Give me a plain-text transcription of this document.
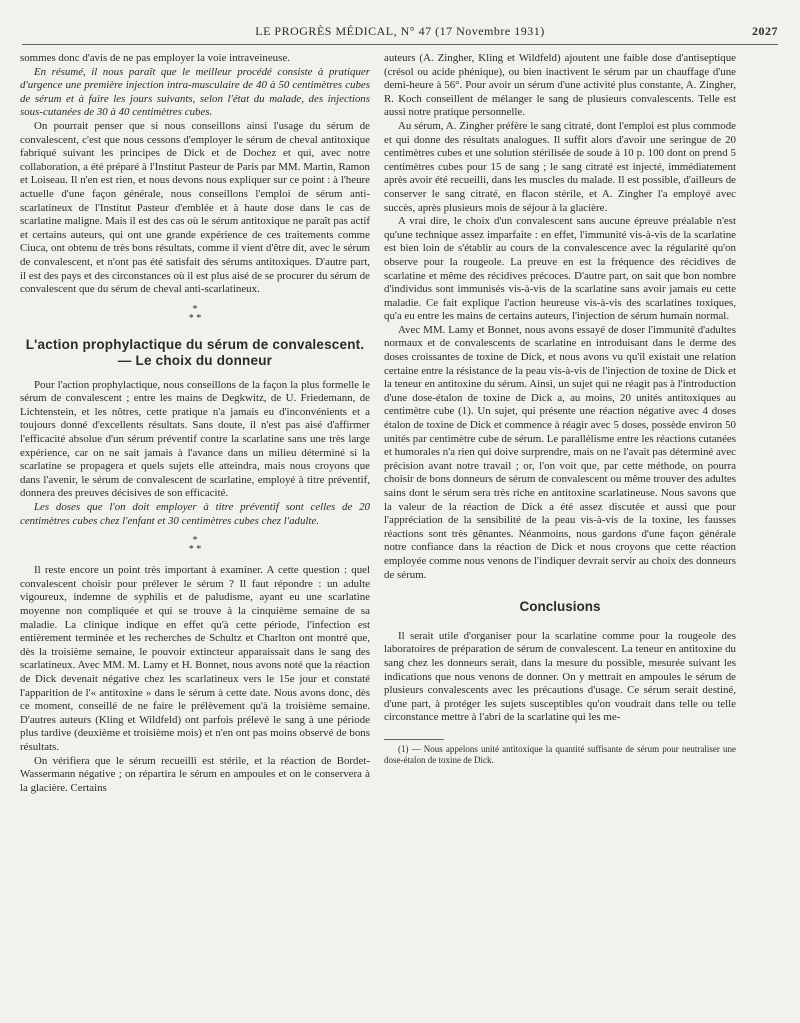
LE PROGRÈS MÉDICAL, N° 47 (17 Novembre 1931)	2027

sommes donc d'avis de ne pas employer la voie intraveineuse.

En résumé, il nous paraît que le meilleur procédé consiste à pratiquer d'urgence une première injection intra-musculaire de 40 à 50 centimètres cubes de sérum et à faire les jours suivants, selon l'état du malade, des injections sous-cutanées de 30 à 40 centimètres cubes.

On pourrait penser que si nous conseillons ainsi l'usage du sérum de convalescent, c'est que nous cessons d'employer le sérum de cheval antitoxique fabriqué suivant les principes de Dick et de Dochez et qui, avec notre collaboration, a été préparé à l'Institut Pasteur de Paris par MM. Martin, Ramon et Loiseau. Il n'en est rien, et nous devons nous expliquer sur ce point : à l'heure actuelle d'une façon générale, nous conseillons l'emploi de sérum anti-scarlatineux de l'Institut Pasteur d'emblée et à haute dose dans le cas de scarlatine maligne. Mais il est des cas où le sérum antitoxique ne paraît pas actif et certains auteurs, qui ont une grande expérience de ces traitements comme Ciuca, ont obtenu de très bons résultats, comme il vient d'être dit, avec le sérum de convalescent, et n'ont pas été satisfait des sérums antitoxiques. D'autre part, il est des pays et des circonstances où il est plus aisé de se procurer du sérum de convalescent que du sérum de cheval anti-scarlatineux.

*
* *
L'action prophylactique du sérum de convalescent. — Le choix du donneur

Pour l'action prophylactique, nous conseillons de la façon la plus formelle le sérum de convalescent ; entre les mains de Degkwitz, de U. Friedemann, de Lichtenstein, et les nôtres, cette pratique n'a jamais eu d'inconvénients et a toujours donné d'excellents résultats. Sans doute, il n'est pas aisé d'affirmer l'efficacité absolue d'un sérum préventif contre la scarlatine sans une très large expérience, car on ne sait jamais à l'avance dans un milieu déterminé si la scarlatine se propagera et quels sujets elle atteindra, mais nous croyons que dans l'avenir, le sérum de convalescent de scarlatine, employé à titre préventif, donnera des preuves décisives de son efficacité.

Les doses que l'on doit employer à titre préventif sont celles de 20 centimètres cubes chez l'enfant et 30 centimètres cubes chez l'adulte.

*
* *

Il reste encore un point très important à examiner. A cette question : quel convalescent choisir pour prélever le sérum ? Il faut répondre : un adulte vigoureux, indemne de syphilis et de paludisme, ayant eu une scarlatine moyenne non compliquée et qui se trouve à la cinquième semaine de sa maladie. La clinique indique en effet qu'à cette période, l'infection est entièrement terminée et les recherches de Schultz et Charlton ont montré que, dès la troisième semaine, le pouvoir extincteur apparaissait dans le sang des scarlatineux. Avec MM. M. Lamy et H. Bonnet, nous avons noté que la réaction de Dick devenait négative chez les scarlatineux vers le 15e jour et constaté l'apparition de l'« antitoxine » dans le sérum à cette date. Nous avons donc, dès ce moment, conseillé de ne faire le prélèvement qu'à la troisième semaine. D'autres auteurs (Kling et Wildfeld) ont parfois prélevé le sang à une période plus tardive (deuxième et troisième mois) et n'en ont pas moins observé de bons résultats.

On vérifiera que le sérum recueilli est stérile, et la réaction de Bordet-Wassermann négative ; on répartira le sérum en ampoules et on le conservera à la glacière. Certains

auteurs (A. Zingher, Kling et Wildfeld) ajoutent une faible dose d'antiseptique (crésol ou acide phénique), ou bien inactivent le sérum par un chauffage d'une demi-heure à 56°. Pour avoir un sérum d'une activité plus constante, A. Zingher, R. Koch conseillent de mélanger le sang de plusieurs convalescents. Telle est aussi notre pratique personnelle.

Au sérum, A. Zingher préfère le sang citraté, dont l'emploi est plus commode et qui donne des résultats analogues. Il suffit alors d'avoir une seringue de 20 centimètres cubes et une solution stérilisée de soude à 10 p. 100 dont on prend 5 centimètres cubes pour 15 de sang ; le sang citraté est injecté, immédiatement après avoir été recueilli, dans les muscles du malade. Il est possible, d'ailleurs de conserver le sang citraté, en flacon stérile, et A. Zingher l'a employé avec succès, après plusieurs mois de séjour à la glacière.

A vrai dire, le choix d'un convalescent sans aucune épreuve préalable n'est qu'une technique assez imparfaite : en effet, l'immunité vis-à-vis de la scarlatine est bien loin de s'établir au cours de la convalescence avec la régularité qu'on observe pour la rougeole. La preuve en est la fréquence des récidives de scarlatine et même des récidives précoces. D'autre part, on sait que bon nombre d'individus sont immunisés vis-à-vis de la scarlatine sans avoir jamais eu cette maladie. Ce fait explique l'action heureuse vis-à-vis des scarlatines toxiques, qu'a eu entre les mains de certains auteurs, l'injection de sérum humain normal.

Avec MM. Lamy et Bonnet, nous avons essayé de doser l'immunité d'adultes normaux et de convalescents de scarlatine en introduisant dans le derme des doses croissantes de toxine de Dick, et nous avons vu qu'il existait une relation certaine entre la résistance de la peau vis-à-vis de l'injection de toxine de Dick et la teneur en antitoxine du sérum. Ainsi, un sujet qui ne réagit pas à l'introduction d'une dose-étalon de toxine de Dick a, au moins, 20 unités antitoxiques au centimètre cube (1). Un sujet, qui présente une réaction négative avec 4 doses étalon de toxine de Dick et commence à réagir avec 5 doses, possède environ 50 unités par centimètre cube de sérum. Le parallélisme entre les réactions cutanées et humorales n'a rien qui doive surprendre, mais on ne l'avait pas déterminé avec précision avant notre travail ; or, l'on voit que, par cette méthode, on pourra choisir de bons donneurs de sérum de convalescent ou même trouver des adultes sains dont le sérum sera très riche en antitoxine scarlatineuse. Nous savons que la valeur de la réaction de Dick a été assez discutée et aussi que pour l'appréciation de la sensibilité de la peau vis-à-vis de la toxine, les fausses réactions sont très gênantes. Néanmoins, nous gardons d'une façon générale notre confiance dans la réaction de Dick et nous croyons que cette réaction employée comme nous venons de l'indiquer devrait servir au choix des donneurs de sérum.

Conclusions

Il serait utile d'organiser pour la scarlatine comme pour la rougeole des laboratoires de préparation de sérum de convalescent. La teneur en antitoxine du sang chez les donneurs serait, dans la mesure du possible, mesurée suivant les indications que nous venons de donner. On y mettrait en ampoules le sérum de plusieurs convalescents avec les précautions d'usage. Ce sérum serait destiné, d'une part, à protéger les sujets susceptibles qu'on voudrait dans telle ou telle circonstance mettre à l'abri de la scarlatine qui les me-

(1) — Nous appelons unité antitoxique la quantité suffisante de sérum pour neutraliser une dose-étalon de toxine de Dick.
